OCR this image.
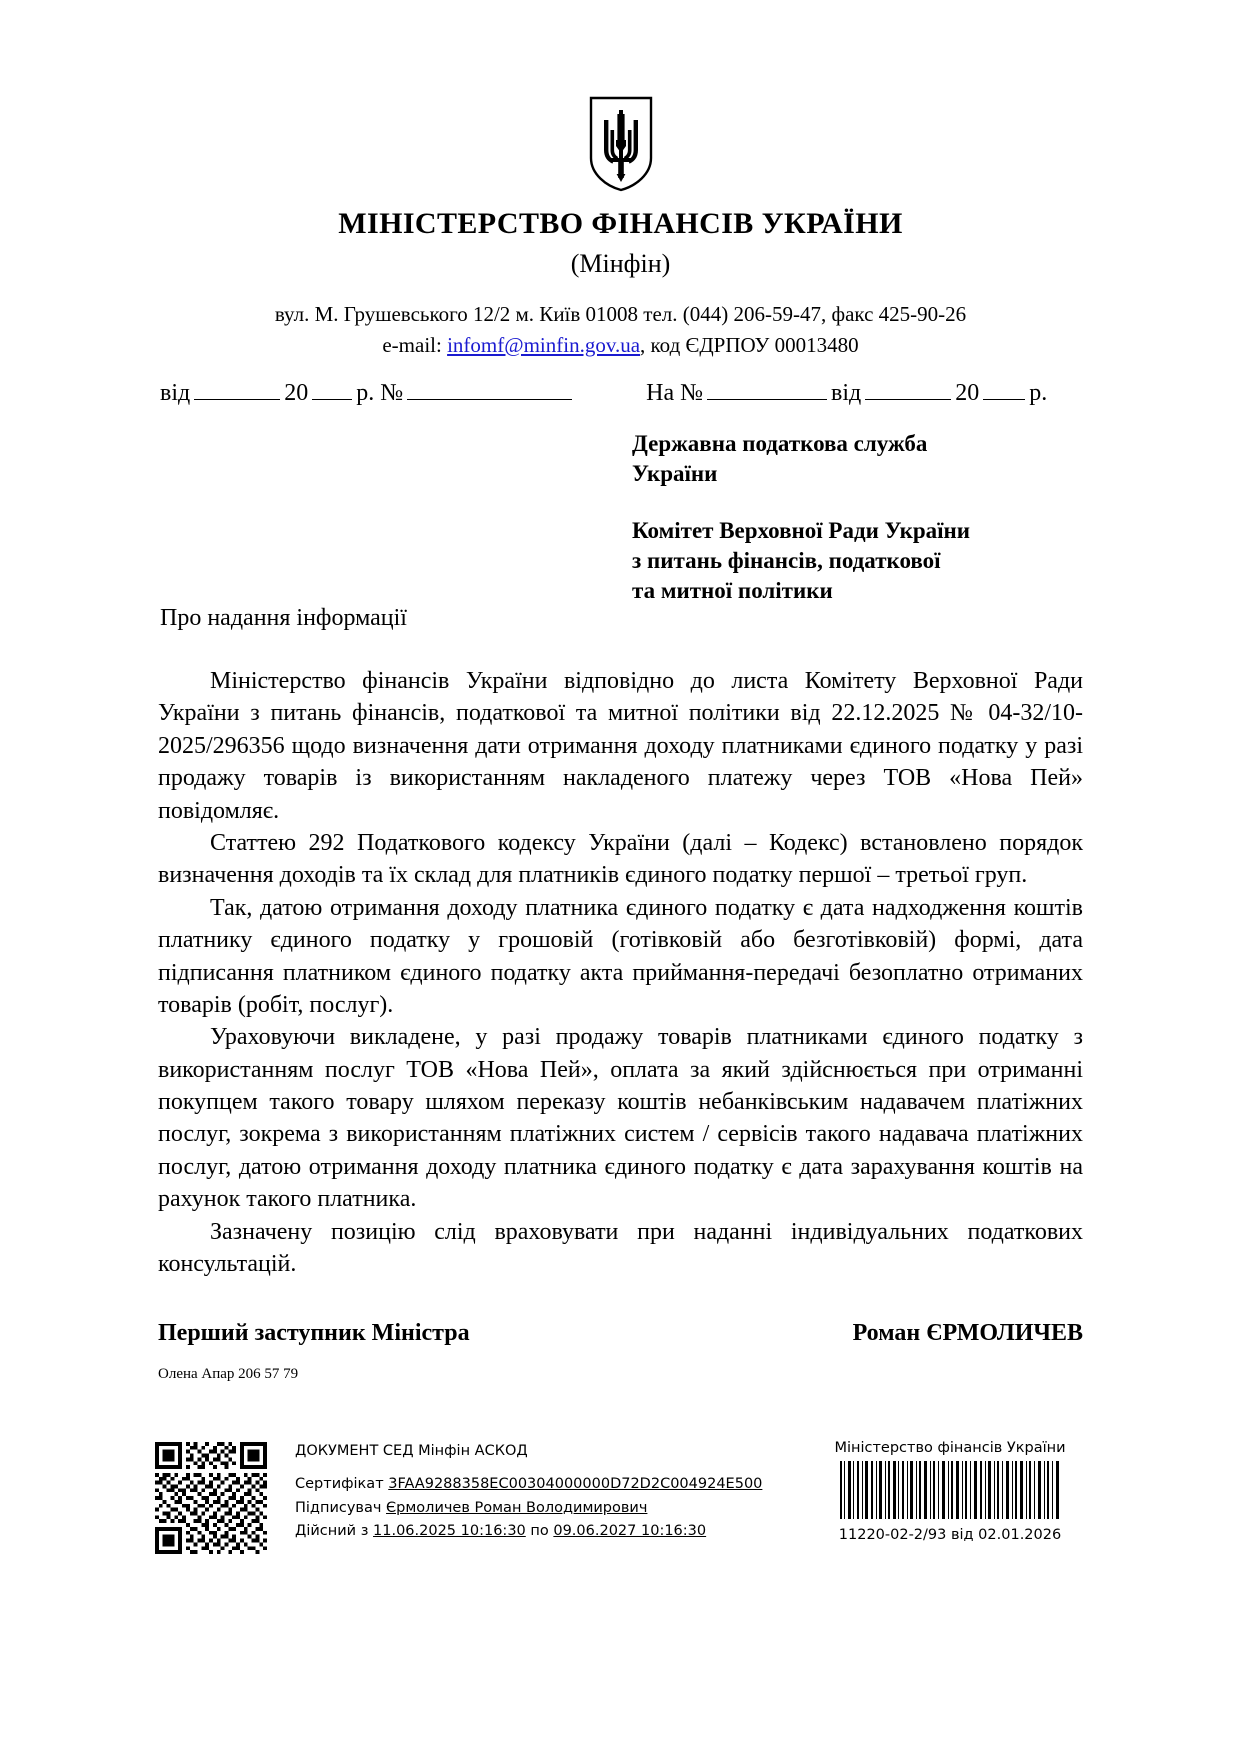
МІНІСТЕРСТВО ФІНАНСІВ УКРАЇНИ
(Мінфін)
вул. М. Грушевського 12/2 м. Київ 01008 тел. (044) 206-59-47, факс 425-90-26
e-mail: infomf@minfin.gov.ua, код ЄДРПОУ 00013480
від	20 р. №	На №	від	20 р.
Державна податкова служба
України
Комітет Верховної Ради України
з питань фінансів, податкової
та митної політики
Про надання інформації

Міністерство фінансів України відповідно до листа Комітету Верховної Ради України з питань фінансів, податкової та митної політики від 22.12.2025 № 04-32/10-2025/296356 щодо визначення дати отримання доходу платниками єдиного податку у разі продажу товарів із використанням накладеного платежу через ТОВ «Нова Пей» повідомляє.

Статтею 292 Податкового кодексу України (далі – Кодекс) встановлено порядок визначення доходів та їх склад для платників єдиного податку першої – третьої груп.

Так, датою отримання доходу платника єдиного податку є дата надходження коштів платнику єдиного податку у грошовій (готівковій або безготівковій) формі, дата підписання платником єдиного податку акта приймання-передачі безоплатно отриманих товарів (робіт, послуг).

Ураховуючи викладене, у разі продажу товарів платниками єдиного податку з використанням послуг ТОВ «Нова Пей», оплата за який здійснюється при отриманні покупцем такого товару шляхом переказу коштів небанківським надавачем платіжних послуг, зокрема з використанням платіжних систем / сервісів такого надавача платіжних послуг, датою отримання доходу платника єдиного податку є дата зарахування коштів на рахунок такого платника.

Зазначену позицію слід враховувати при наданні індивідуальних податкових консультацій.

Перший заступник Міністра	Роман ЄРМОЛИЧЕВ
Олена Апар 206 57 79
ДОКУМЕНТ СЕД Мінфін АСКОД
Сертифікат 3FAA9288358EC00304000000D72D2C004924E500
Підписувач Єрмоличев Роман Володимирович
Дійсний з 11.06.2025 10:16:30 по 09.06.2027 10:16:30
Міністерство фінансів України
11220-02-2/93 від 02.01.2026
